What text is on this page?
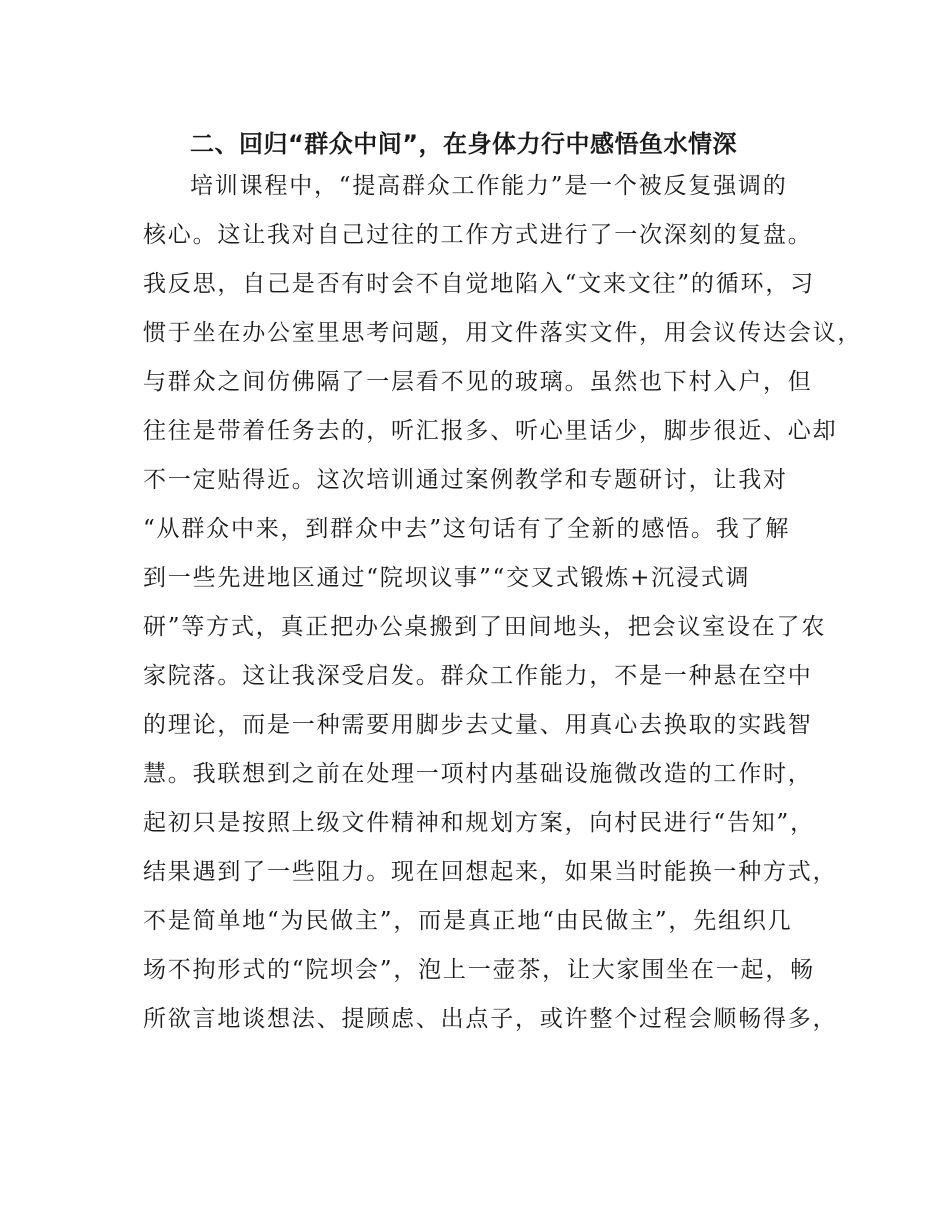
二、回归“群众中间”，在身体力行中感悟鱼水情深
培训课程中，“提高群众工作能力”是一个被反复强调的
核心。这让我对自己过往的工作方式进行了一次深刻的复盘。
我反思，自己是否有时会不自觉地陷入“文来文往”的循环，习
惯于坐在办公室里思考问题，用文件落实文件，用会议传达会议，
与群众之间仿佛隔了一层看不见的玻璃。虽然也下村入户，但
往往是带着任务去的，听汇报多、听心里话少，脚步很近、心却
不一定贴得近。这次培训通过案例教学和专题研讨，让我对
“从群众中来，到群众中去”这句话有了全新的感悟。我了解
到一些先进地区通过“院坝议事”“交叉式锻炼+沉浸式调
研”等方式，真正把办公桌搬到了田间地头，把会议室设在了农
家院落。这让我深受启发。群众工作能力，不是一种悬在空中
的理论，而是一种需要用脚步去丈量、用真心去换取的实践智
慧。我联想到之前在处理一项村内基础设施微改造的工作时，
起初只是按照上级文件精神和规划方案，向村民进行“告知”，
结果遇到了一些阻力。现在回想起来，如果当时能换一种方式，
不是简单地“为民做主”，而是真正地“由民做主”，先组织几
场不拘形式的“院坝会”，泡上一壶茶，让大家围坐在一起，畅
所欲言地谈想法、提顾虑、出点子，或许整个过程会顺畅得多，
